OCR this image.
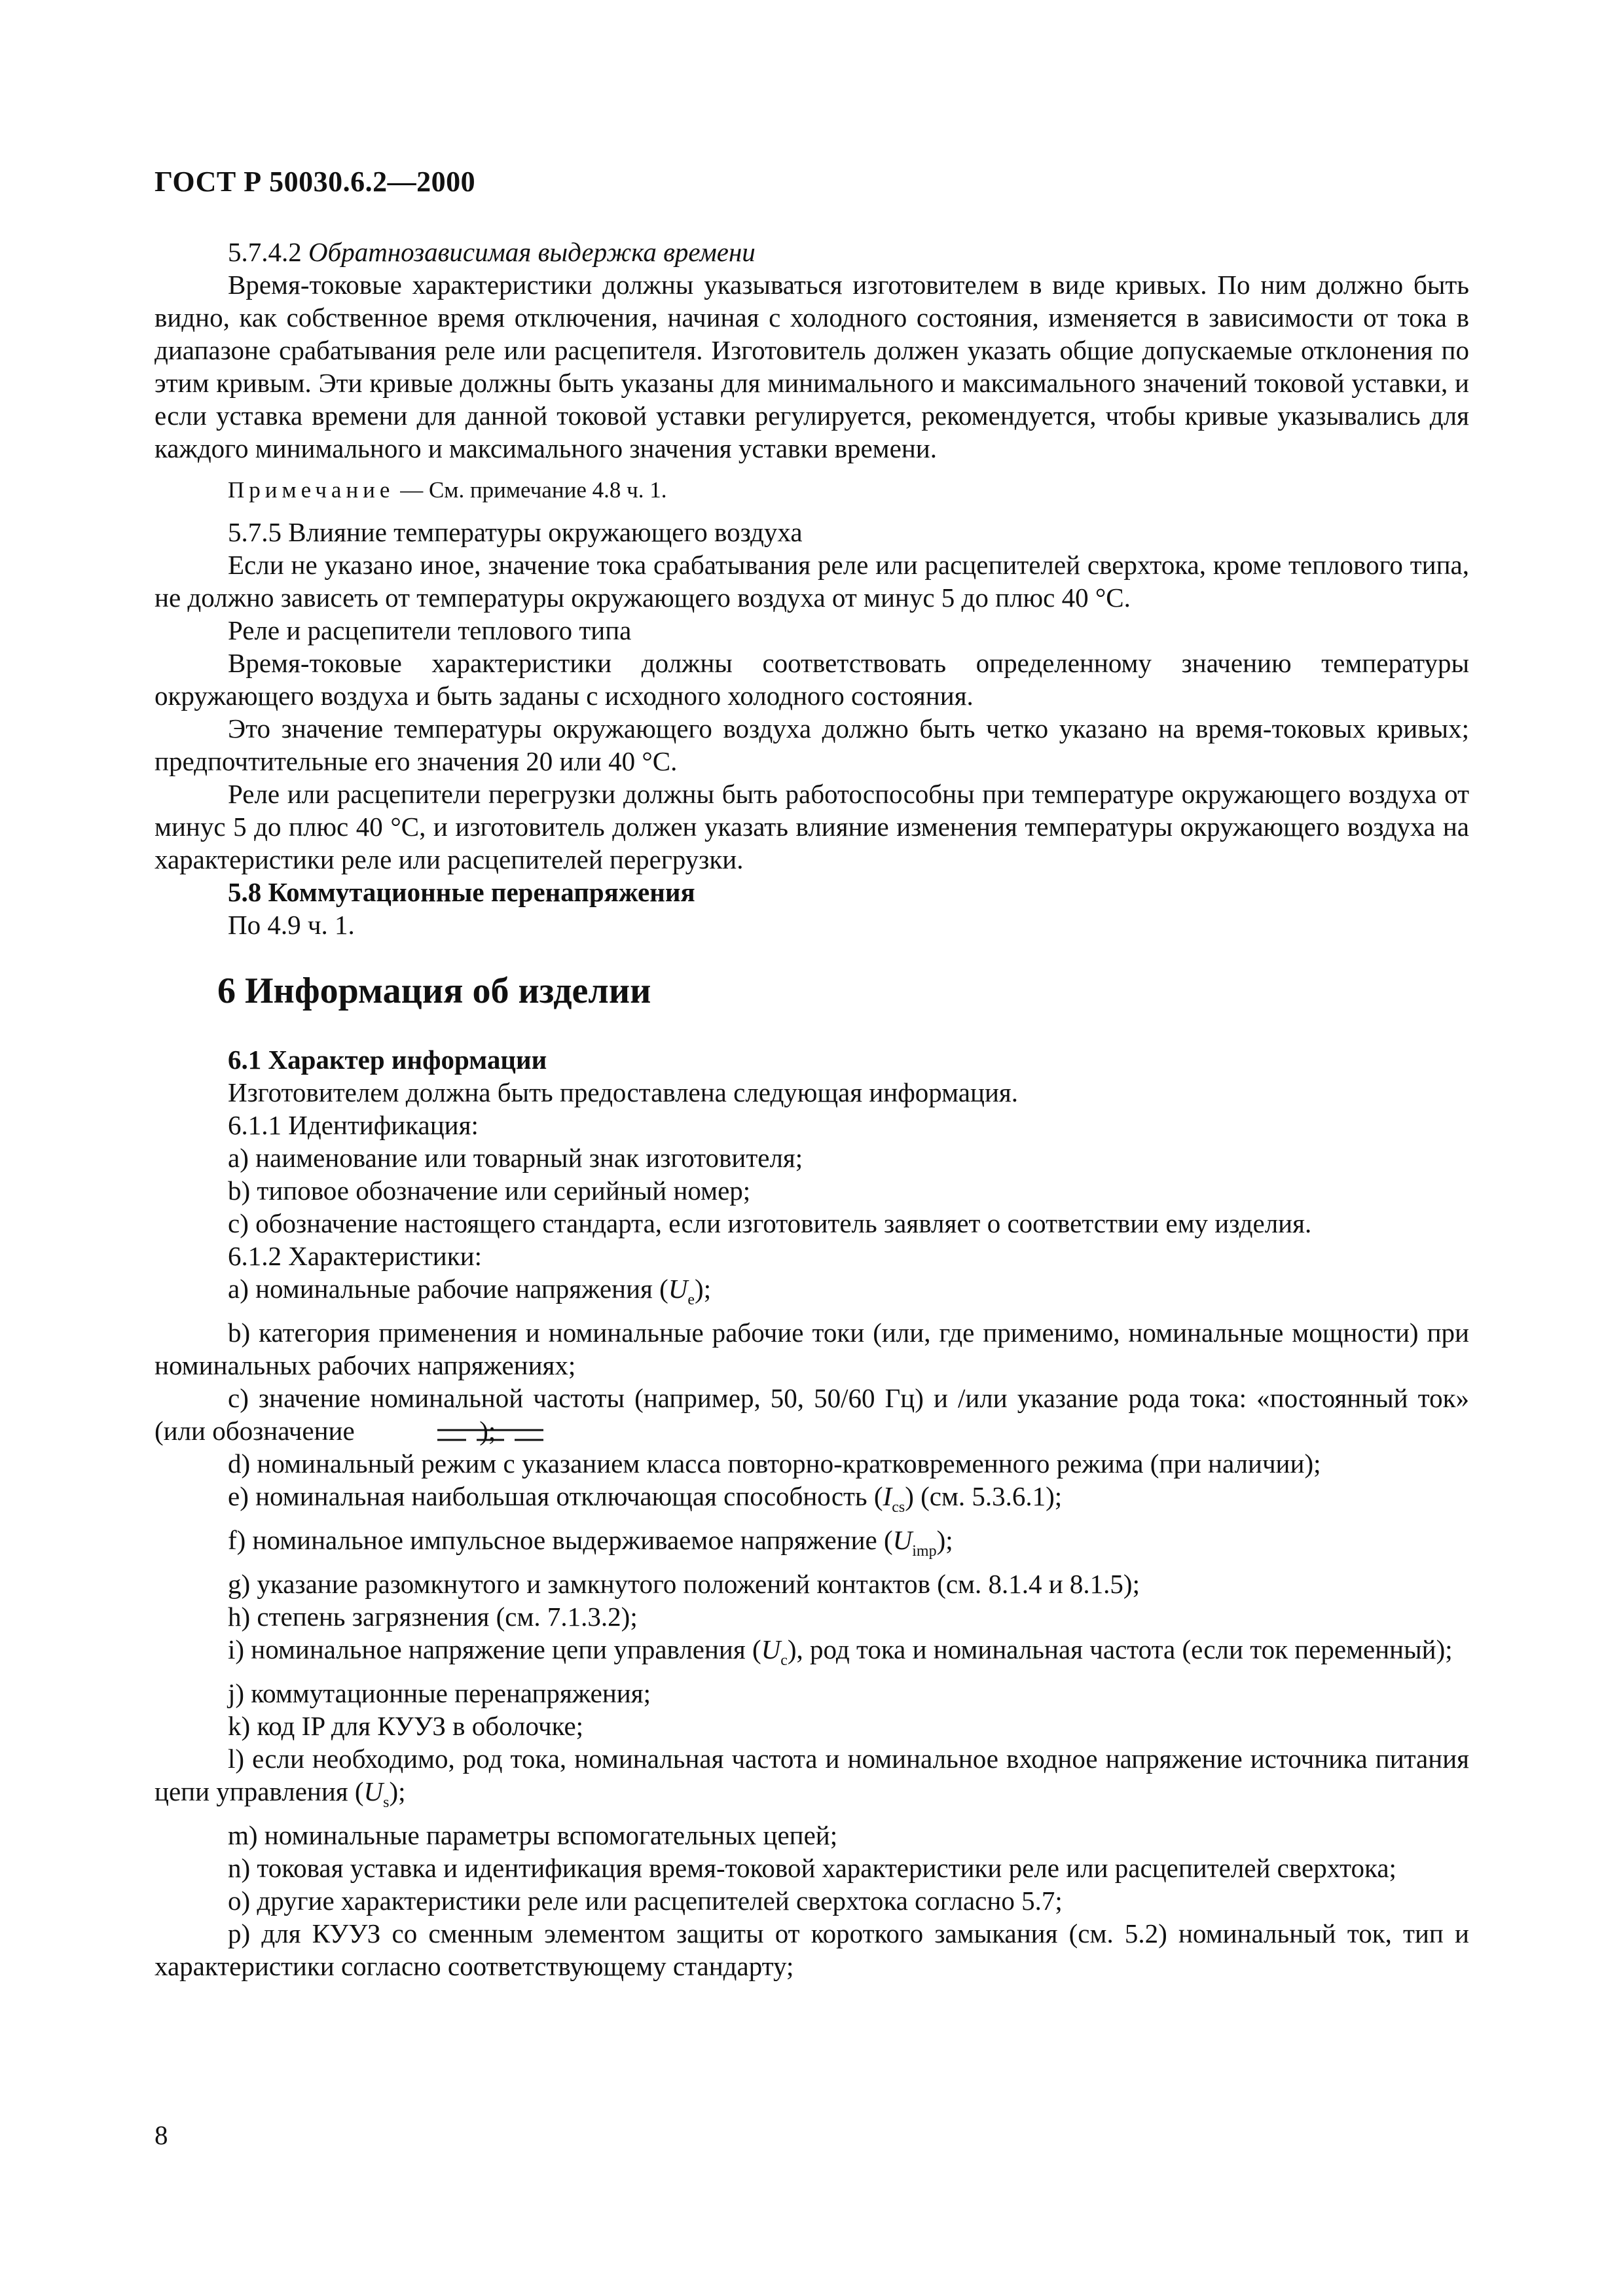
ГОСТ Р 50030.6.2—2000

5.7.4.2 Обратнозависимая выдержка времени

Время-токовые характеристики должны указываться изготовителем в виде кривых. По ним должно быть видно, как собственное время отключения, начиная с холодного состояния, изменяется в зависимости от тока в диапазоне срабатывания реле или расцепителя. Изготовитель должен указать общие допускаемые отклонения по этим кривым. Эти кривые должны быть указаны для минимального и максимального значений токовой уставки, и если уставка времени для данной токовой уставки регулируется, рекомендуется, чтобы кривые указывались для каждого минимального и максимального значения уставки времени.

Примечание — См. примечание 4.8 ч. 1.

5.7.5 Влияние температуры окружающего воздуха

Если не указано иное, значение тока срабатывания реле или расцепителей сверхтока, кроме теплового типа, не должно зависеть от температуры окружающего воздуха от минус 5 до плюс 40 °С.

Реле и расцепители теплового типа

Время-токовые характеристики должны соответствовать определенному значению температуры окружающего воздуха и быть заданы с исходного холодного состояния.

Это значение температуры окружающего воздуха должно быть четко указано на время-токовых кривых; предпочтительные его значения 20 или 40 °С.

Реле или расцепители перегрузки должны быть работоспособны при температуре окружающего воздуха от минус 5 до плюс 40 °С, и изготовитель должен указать влияние изменения температуры окружающего воздуха на характеристики реле или расцепителей перегрузки.

5.8 Коммутационные перенапряжения

По 4.9 ч. 1.

6 Информация об изделии

6.1 Характер информации

Изготовителем должна быть предоставлена следующая информация.

6.1.1 Идентификация:

a) наименование или товарный знак изготовителя;

b) типовое обозначение или серийный номер;

c) обозначение настоящего стандарта, если изготовитель заявляет о соответствии ему изделия.

6.1.2 Характеристики:

a) номинальные рабочие напряжения $(U_e)$;

b) категория применения и номинальные рабочие токи (или, где применимо, номинальные мощности) при номинальных рабочих напряжениях;

c) значение номинальной частоты (например, 50, 50/60 Гц) и /или указание рода тока: «постоянный ток» (или обозначение	);

d) номинальный режим с указанием класса повторно-кратковременного режима (при наличии);

e) номинальная наибольшая отключающая способность $(I_{cs})$ (см. 5.3.6.1);

f) номинальное импульсное выдерживаемое напряжение $(U_{imp})$;

g) указание разомкнутого и замкнутого положений контактов (см. 8.1.4 и 8.1.5);

h) степень загрязнения (см. 7.1.3.2);

i) номинальное напряжение цепи управления $(U_c)$, род тока и номинальная частота (если ток переменный);

j) коммутационные перенапряжения;

k) код IP для КУУЗ в оболочке;

l) если необходимо, род тока, номинальная частота и номинальное входное напряжение источника питания цепи управления $(U_s)$;

m) номинальные параметры вспомогательных цепей;

n) токовая уставка и идентификация время-токовой характеристики реле или расцепителей сверхтока;

o) другие характеристики реле или расцепителей сверхтока согласно 5.7;

p) для КУУЗ со сменным элементом защиты от короткого замыкания (см. 5.2) номинальный ток, тип и характеристики согласно соответствующему стандарту;

8
